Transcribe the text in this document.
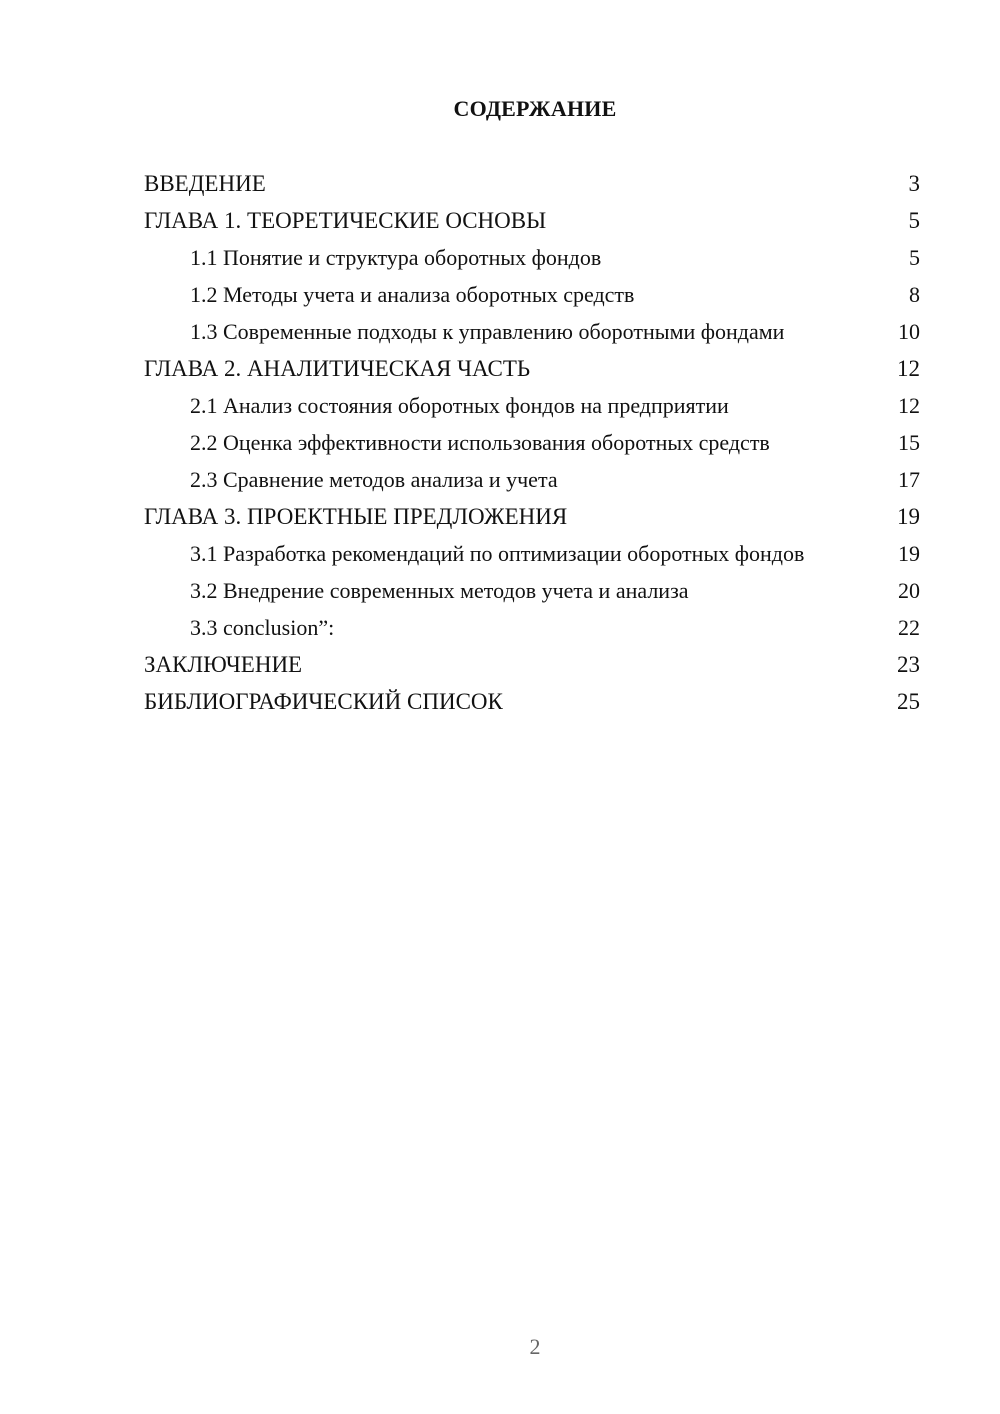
СОДЕРЖАНИЕ
ВВЕДЕНИЕ	3
ГЛАВА 1. ТЕОРЕТИЧЕСКИЕ ОСНОВЫ	5
1.1 Понятие и структура оборотных фондов	5
1.2 Методы учета и анализа оборотных средств	8
1.3 Современные подходы к управлению оборотными фондами	10
ГЛАВА 2. АНАЛИТИЧЕСКАЯ ЧАСТЬ	12
2.1 Анализ состояния оборотных фондов на предприятии	12
2.2 Оценка эффективности использования оборотных средств	15
2.3 Сравнение методов анализа и учета	17
ГЛАВА 3. ПРОЕКТНЫЕ ПРЕДЛОЖЕНИЯ	19
3.1 Разработка рекомендаций по оптимизации оборотных фондов	19
3.2 Внедрение современных методов учета и анализа	20
3.3 conclusion”:	22
ЗАКЛЮЧЕНИЕ	23
БИБЛИОГРАФИЧЕСКИЙ СПИСОК	25
2
